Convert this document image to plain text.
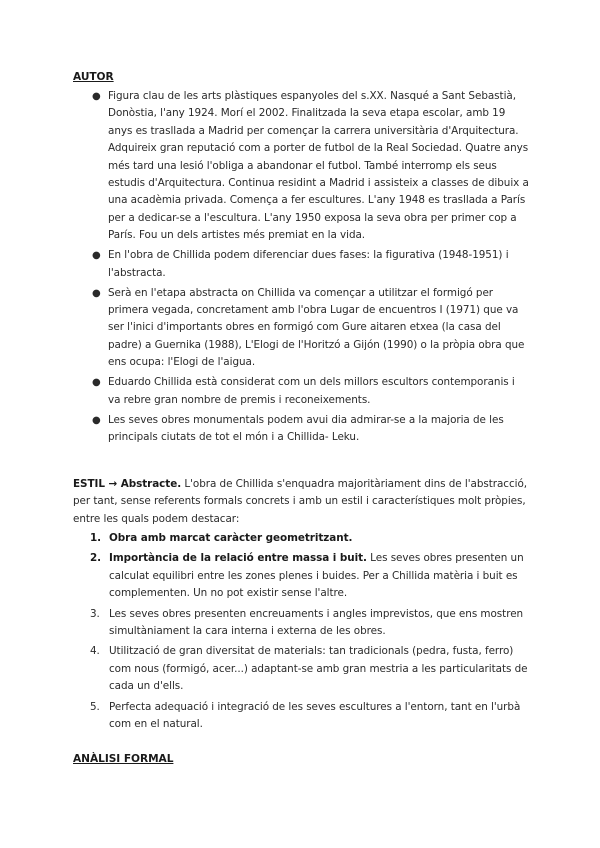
AUTOR
● Figura clau de les arts plàstiques espanyoles del s.XX. Nasqué a Sant Sebastià, Donòstia, l'any 1924. Morí el 2002. Finalitzada la seva etapa escolar, amb 19 anys es trasllada a Madrid per començar la carrera universitària d'Arquitectura. Adquireix gran reputació com a porter de futbol de la Real Sociedad. Quatre anys més tard una lesió l'obliga a abandonar el futbol. També interromp els seus estudis d'Arquitectura. Continua residint a Madrid i assisteix a classes de dibuix a una acadèmia privada. Comença a fer escultures. L'any 1948 es trasllada a París per a dedicar-se a l'escultura. L'any 1950 exposa la seva obra per primer cop a París. Fou un dels artistes més premiat en la vida.
● En l'obra de Chillida podem diferenciar dues fases: la figurativa (1948-1951) i l'abstracta.
● Serà en l'etapa abstracta on Chillida va començar a utilitzar el formigó per primera vegada, concretament amb l'obra Lugar de encuentros I (1971) que va ser l'inici d'importants obres en formigó com Gure aitaren etxea (la casa del padre) a Guernika (1988), L'Elogi de l'Horitzó a Gijón (1990) o la pròpia obra que ens ocupa: l'Elogi de l'aigua.
● Eduardo Chillida està considerat com un dels millors escultors contemporanis i va rebre gran nombre de premis i reconeixements.
● Les seves obres monumentals podem avui dia admirar-se a la majoria de les principals ciutats de tot el món i a Chillida- Leku.
ESTIL → Abstracte. L'obra de Chillida s'enquadra majoritàriament dins de l'abstracció, per tant, sense referents formals concrets i amb un estil i característiques molt pròpies, entre les quals podem destacar:
1. Obra amb marcat caràcter geometritzant.
2. Importància de la relació entre massa i buit. Les seves obres presenten un calculat equilibri entre les zones plenes i buides. Per a Chillida matèria i buit es complementen. Un no pot existir sense l'altre.
3. Les seves obres presenten encreuaments i angles imprevistos, que ens mostren simultàniament la cara interna i externa de les obres.
4. Utilització de gran diversitat de materials: tan tradicionals (pedra, fusta, ferro) com nous (formigó, acer...) adaptant-se amb gran mestria a les particularitats de cada un d'ells.
5. Perfecta adequació i integració de les seves escultures a l'entorn, tant en l'urbà com en el natural.
ANÀLISI FORMAL
